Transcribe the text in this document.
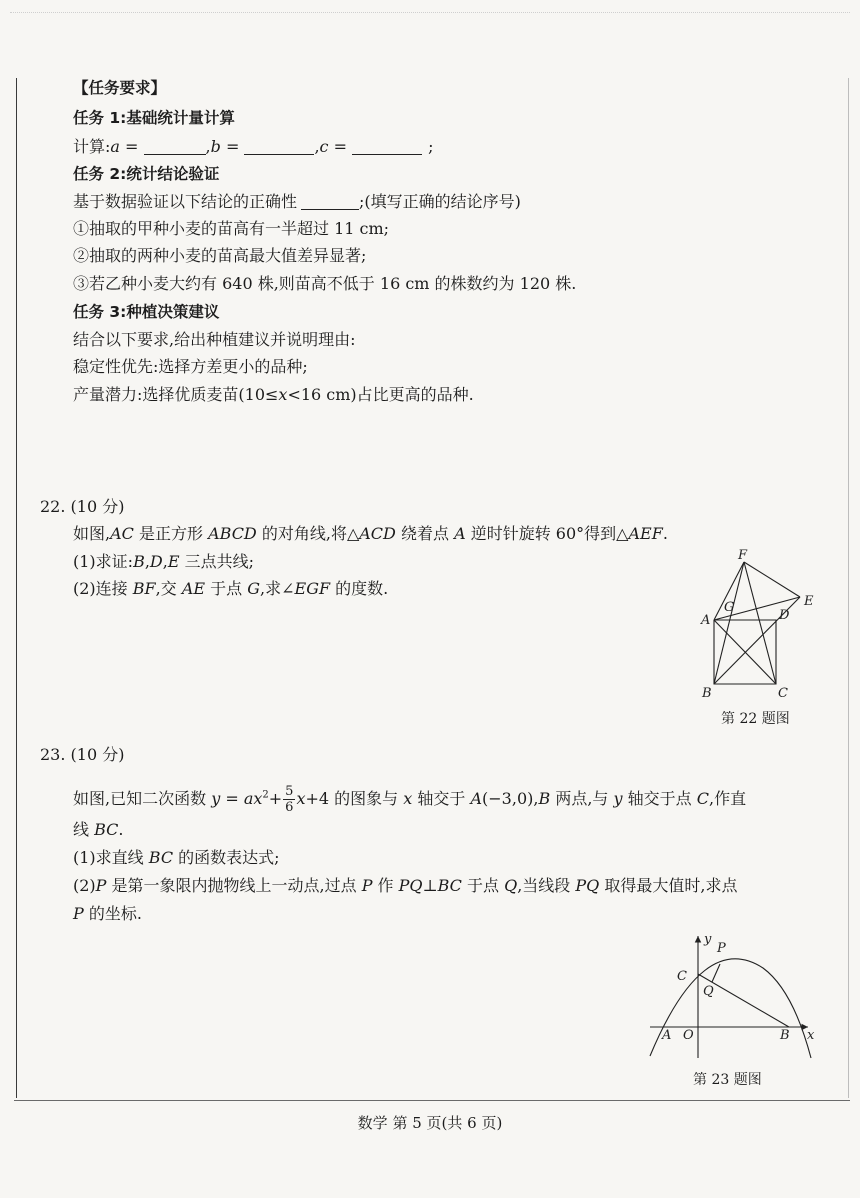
【任务要求】
任务 1:基础统计量计算
计算:a =	,b =	,c =	;
任务 2:统计结论验证
基于数据验证以下结论的正确性	;(填写正确的结论序号)
①抽取的甲种小麦的苗高有一半超过 11 cm;
②抽取的两种小麦的苗高最大值差异显著;
③若乙种小麦大约有 640 株,则苗高不低于 16 cm 的株数约为 120 株.
任务 3:种植决策建议
结合以下要求,给出种植建议并说明理由:
稳定性优先:选择方差更小的品种;
产量潜力:选择优质麦苗(10≤x<16 cm)占比更高的品种.
22. (10 分)
如图,AC 是正方形 ABCD 的对角线,将△ACD 绕着点 A 逆时针旋转 60°得到△AEF.
(1)求证:B,D,E 三点共线;
(2)连接 BF,交 AE 于点 G,求∠EGF 的度数.
F
E
G
A	D
B	C
第 22 题图
23. (10 分)
如图,已知二次函数 $y = ax^2+ \frac{5}{6} x+4$ 的图象与 x 轴交于 A(−3,0),B 两点,与 y 轴交于点 C,作直
线 BC.
(1)求直线 BC 的函数表达式;
(2)P 是第一象限内抛物线上一动点,过点 P 作 PQ⊥BC 于点 Q,当线段 PQ 取得最大值时,求点
P 的坐标.
y
P
C
Q
A O	B x
第 23 题图
数学 第 5 页(共 6 页)
